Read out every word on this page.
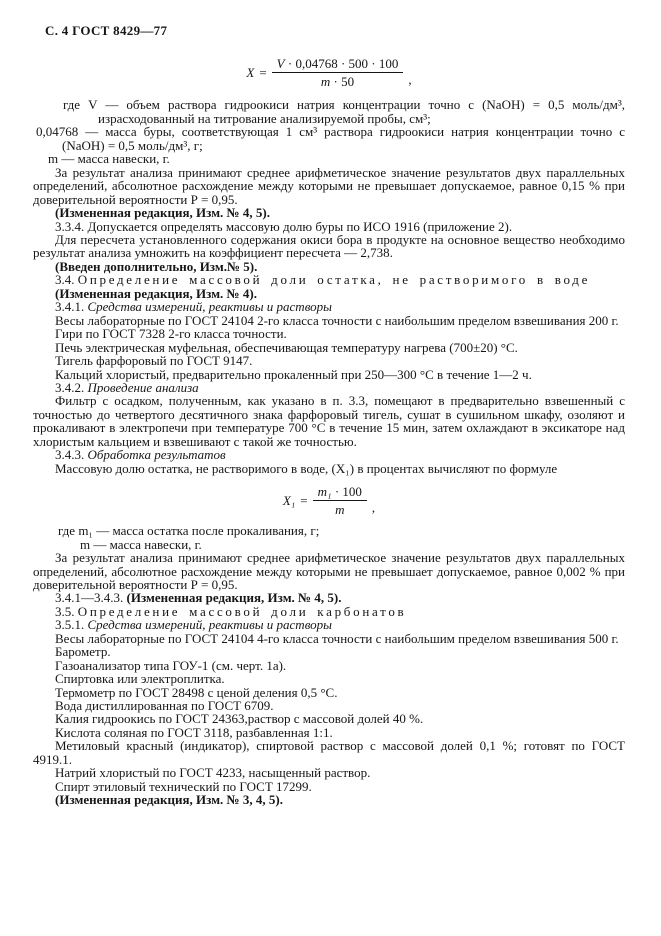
С. 4 ГОСТ 8429—77
$X = \frac{V \cdot 0,04768 \cdot 500 \cdot 100}{m \cdot 50}$ ,
где V — объем раствора гидроокиси натрия концентрации точно с (NaOH) = 0,5 моль/дм³, израсходованный на титрование анализируемой пробы, см³;
0,04768 — масса буры, соответствующая 1 см³ раствора гидроокиси натрия концентрации точно с (NaOH) = 0,5 моль/дм³, г;
m — масса навески, г.

За результат анализа принимают среднее арифметическое значение результатов двух параллельных определений, абсолютное расхождение между которыми не превышает допускаемое, равное 0,15 % при доверительной вероятности Р = 0,95.

(Измененная редакция, Изм. № 4, 5).

3.3.4. Допускается определять массовую долю буры по ИСО 1916 (приложение 2).

Для пересчета установленного содержания окиси бора в продукте на основное вещество необходимо результат анализа умножить на коэффициент пересчета — 2,738.

(Введен дополнительно, Изм.№ 5).

3.4. Определение массовой доли остатка, не растворимого в воде

(Измененная редакция, Изм. № 4).

3.4.1. Средства измерений, реактивы и растворы

Весы лабораторные по ГОСТ 24104 2-го класса точности с наибольшим пределом взвешивания 200 г.

Гири по ГОСТ 7328 2-го класса точности.

Печь электрическая муфельная, обеспечивающая температуру нагрева (700±20) °С.

Тигель фарфоровый по ГОСТ 9147.

Кальций хлористый, предварительно прокаленный при 250—300 °С в течение 1—2 ч.

3.4.2. Проведение анализа

Фильтр с осадком, полученным, как указано в п. 3.3, помещают в предварительно взвешенный с точностью до четвертого десятичного знака фарфоровый тигель, сушат в сушильном шкафу, озоляют и прокаливают в электропечи при температуре 700 °С в течение 15 мин, затем охлаждают в эксикаторе над хлористым кальцием и взвешивают с такой же точностью.

3.4.3. Обработка результатов

Массовую долю остатка, не растворимого в воде, (X₁) в процентах вычисляют по формуле

$X_1 = \frac{\text{m₁ · 100}}{m}$ ,
где m₁ — масса остатка после прокаливания, г;
m — масса навески, г.

За результат анализа принимают среднее арифметическое значение результатов двух параллельных определений, абсолютное расхождение между которыми не превышает допускаемое, равное 0,002 % при доверительной вероятности Р = 0,95.

3.4.1—3.4.3. (Измененная редакция, Изм. № 4, 5).

3.5. Определение массовой доли карбонатов

3.5.1. Средства измерений, реактивы и растворы

Весы лабораторные по ГОСТ 24104 4-го класса точности с наибольшим пределом взвешивания 500 г.

Барометр.

Газоанализатор типа ГОУ-1 (см. черт. 1а).

Спиртовка или электроплитка.

Термометр по ГОСТ 28498 с ценой деления 0,5 °С.

Вода дистиллированная по ГОСТ 6709.

Калия гидроокись по ГОСТ 24363,раствор с массовой долей 40 %.

Кислота соляная по ГОСТ 3118, разбавленная 1:1.

Метиловый красный (индикатор), спиртовой раствор с массовой долей 0,1 %; готовят по ГОСТ 4919.1.

Натрий хлористый по ГОСТ 4233, насыщенный раствор.

Спирт этиловый технический по ГОСТ 17299.

(Измененная редакция, Изм. № 3, 4, 5).
